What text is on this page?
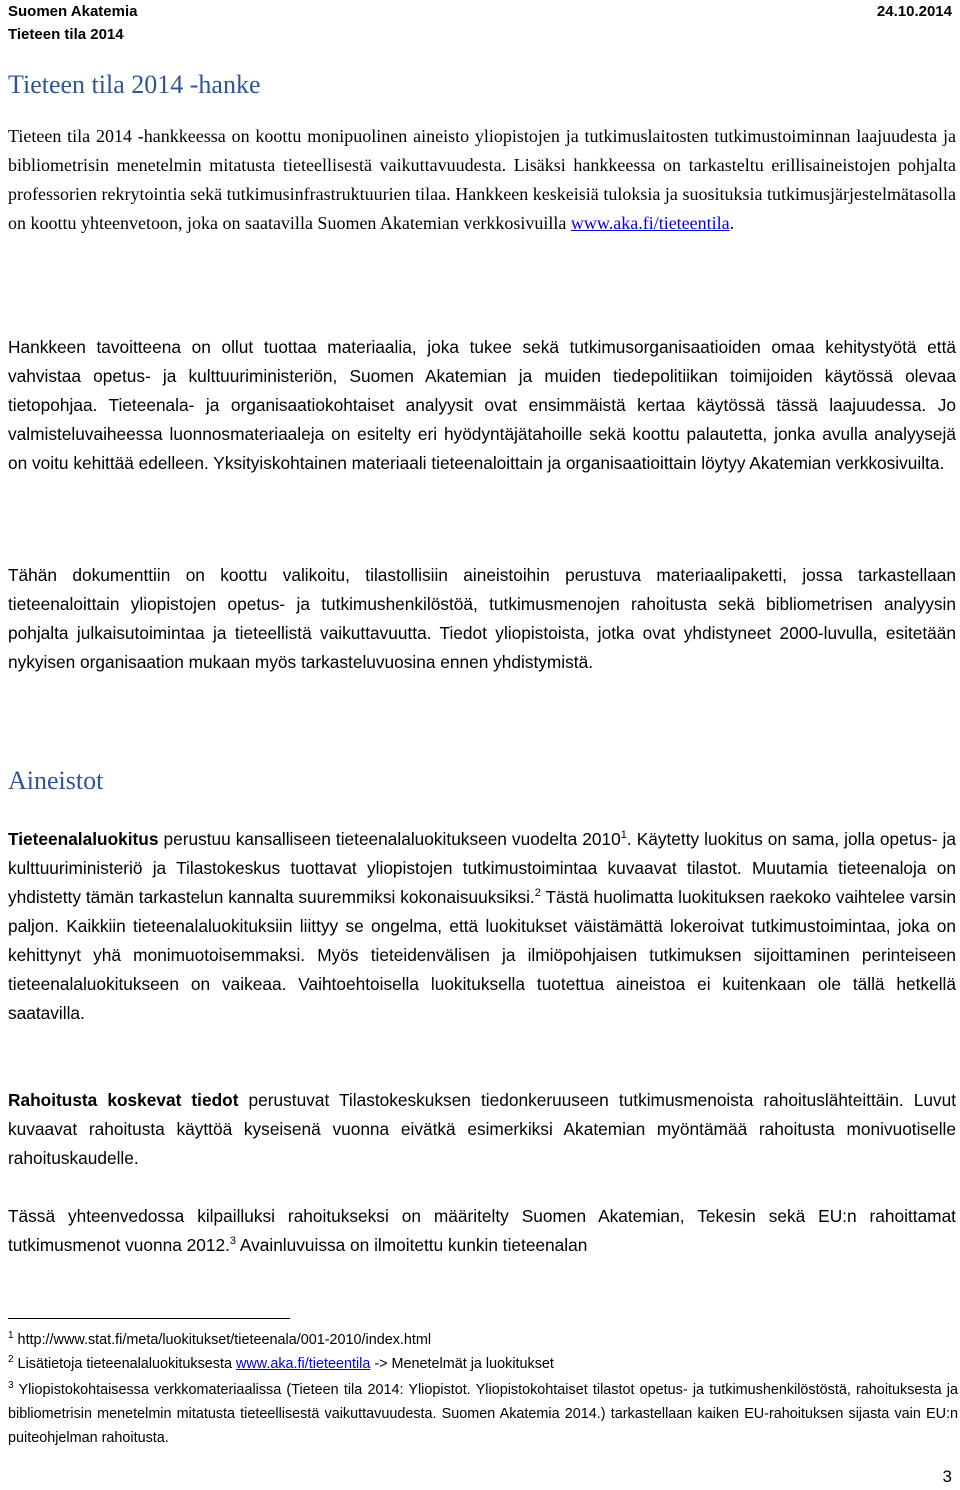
Suomen Akatemia
Tieteen tila 2014
24.10.2014
Tieteen tila 2014 -hanke

Tieteen tila 2014 -hankkeessa on koottu monipuolinen aineisto yliopistojen ja tutkimuslaitosten tutkimustoiminnan laajuudesta ja bibliometrisin menetelmin mitatusta tieteellisestä vaikuttavuudesta. Lisäksi hankkeessa on tarkasteltu erillisaineistojen pohjalta professorien rekrytointia sekä tutkimusinfrastruktuurien tilaa. Hankkeen keskeisiä tuloksia ja suosituksia tutkimusjärjestelmätasolla on koottu yhteenvetoon, joka on saatavilla Suomen Akatemian verkkosivuilla www.aka.fi/tieteentila.

Hankkeen tavoitteena on ollut tuottaa materiaalia, joka tukee sekä tutkimusorganisaatioiden omaa kehitystyötä että vahvistaa opetus- ja kulttuuriministeriön, Suomen Akatemian ja muiden tiedepolitiikan toimijoiden käytössä olevaa tietopohjaa. Tieteenala- ja organisaatiokohtaiset analyysit ovat ensimmäistä kertaa käytössä tässä laajuudessa. Jo valmisteluvaiheessa luonnosmateriaaleja on esitelty eri hyödyntäjätahoille sekä koottu palautetta, jonka avulla analyysejä on voitu kehittää edelleen. Yksityiskohtainen materiaali tieteenaloittain ja organisaatioittain löytyy Akatemian verkkosivuilta.

Tähän dokumenttiin on koottu valikoitu, tilastollisiin aineistoihin perustuva materiaalipaketti, jossa tarkastellaan tieteenaloittain yliopistojen opetus- ja tutkimushenkilöstöä, tutkimusmenojen rahoitusta sekä bibliometrisen analyysin pohjalta julkaisutoimintaa ja tieteellistä vaikuttavuutta. Tiedot yliopistoista, jotka ovat yhdistyneet 2000-luvulla, esitetään nykyisen organisaation mukaan myös tarkasteluvuosina ennen yhdistymistä.

Aineistot

Tieteenalaluokitus perustuu kansalliseen tieteenalaluokitukseen vuodelta 2010$^1$. Käytetty luokitus on sama, jolla opetus- ja kulttuuriministeriö ja Tilastokeskus tuottavat yliopistojen tutkimustoimintaa kuvaavat tilastot. Muutamia tieteenaloja on yhdistetty tämän tarkastelun kannalta suuremmiksi kokonaisuuksiksi.$^2$ Tästä huolimatta luokituksen raekoko vaihtelee varsin paljon. Kaikkiin tieteenalaluokituksiin liittyy se ongelma, että luokitukset väistämättä lokeroivat tutkimustoimintaa, joka on kehittynyt yhä monimuotoisemmaksi. Myös tieteidenvälisen ja ilmiöpohjaisen tutkimuksen sijoittaminen perinteiseen tieteenalaluokitukseen on vaikeaa. Vaihtoehtoisella luokituksella tuotettua aineistoa ei kuitenkaan ole tällä hetkellä saatavilla.

Rahoitusta koskevat tiedot perustuvat Tilastokeskuksen tiedonkeruuseen tutkimusmenoista rahoituslähteittäin. Luvut kuvaavat rahoitusta käyttöä kyseisenä vuonna eivätkä esimerkiksi Akatemian myöntämää rahoitusta monivuotiselle rahoituskaudelle.

Tässä yhteenvedossa kilpailluksi rahoitukseksi on määritelty Suomen Akatemian, Tekesin sekä EU:n rahoittamat tutkimusmenot vuonna 2012.$^3$ Avainluvuissa on ilmoitettu kunkin tieteenalan

$^1$ http://www.stat.fi/meta/luokitukset/tieteenala/001-2010/index.html

$^2$ Lisätietoja tieteenalaluokituksesta www.aka.fi/tieteentila -> Menetelmät ja luokitukset

$^3$ Yliopistokohtaisessa verkkomateriaalissa (Tieteen tila 2014: Yliopistot. Yliopistokohtaiset tilastot opetus- ja tutkimushenkilöstöstä, rahoituksesta ja bibliometrisin menetelmin mitatusta tieteellisestä vaikuttavuudesta. Suomen Akatemia 2014.) tarkastellaan kaiken EU-rahoituksen sijasta vain EU:n puiteohjelman rahoitusta.

3
